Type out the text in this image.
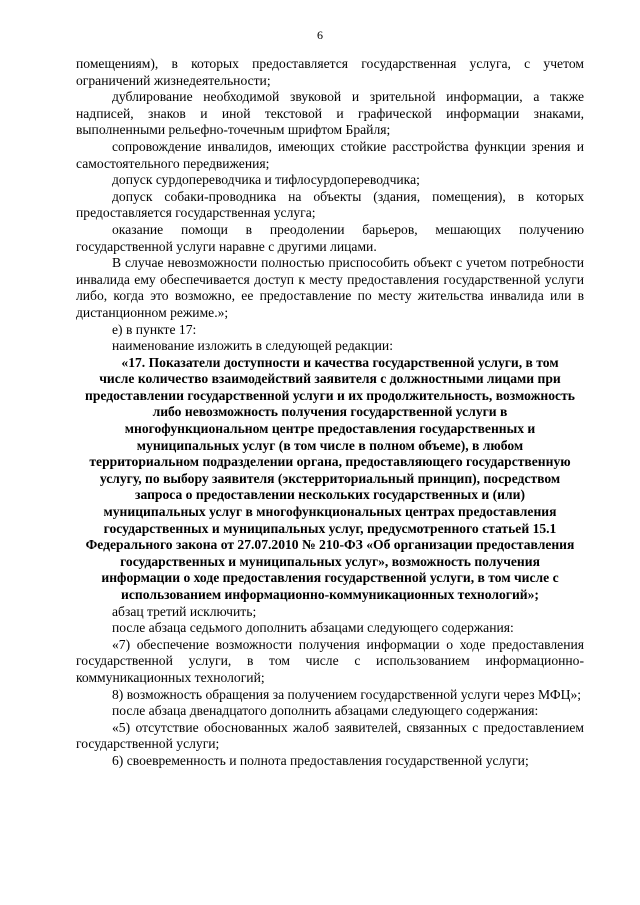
6

помещениям), в которых предоставляется государственная услуга, с учетом ограничений жизнедеятельности;

дублирование необходимой звуковой и зрительной информации, а также надписей, знаков и иной текстовой и графической информации знаками, выполненными рельефно-точечным шрифтом Брайля;

сопровождение инвалидов, имеющих стойкие расстройства функции зрения и самостоятельного передвижения;

допуск сурдопереводчика и тифлосурдопереводчика;

допуск собаки-проводника на объекты (здания, помещения), в которых предоставляется государственная услуга;

оказание помощи в преодолении барьеров, мешающих получению государственной услуги наравне с другими лицами.

В случае невозможности полностью приспособить объект с учетом потребности инвалида ему обеспечивается доступ к месту предоставления государственной услуги либо, когда это возможно, ее предоставление по месту жительства инвалида или в дистанционном режиме.»;

е) в пункте 17:

наименование изложить в следующей редакции:

«17. Показатели доступности и качества государственной услуги, в том числе количество взаимодействий заявителя с должностными лицами при предоставлении государственной услуги и их продолжительность, возможность либо невозможность получения государственной услуги в многофункциональном центре предоставления государственных и муниципальных услуг (в том числе в полном объеме), в любом территориальном подразделении органа, предоставляющего государственную услугу, по выбору заявителя (экстерриториальный принцип), посредством запроса о предоставлении нескольких государственных и (или) муниципальных услуг в многофункциональных центрах предоставления государственных и муниципальных услуг, предусмотренного статьей 15.1 Федерального закона от 27.07.2010 № 210-ФЗ «Об организации предоставления государственных и муниципальных услуг», возможность получения информации о ходе предоставления государственной услуги, в том числе с использованием информационно-коммуникационных технологий»;

абзац третий исключить;

после абзаца седьмого дополнить абзацами следующего содержания:

«7) обеспечение возможности получения информации о ходе предоставления государственной услуги, в том числе с использованием информационно-коммуникационных технологий;

8) возможность обращения за получением государственной услуги через МФЦ»;

после абзаца двенадцатого дополнить абзацами следующего содержания:

«5) отсутствие обоснованных жалоб заявителей, связанных с предоставлением государственной услуги;

6) своевременность и полнота предоставления государственной услуги;
